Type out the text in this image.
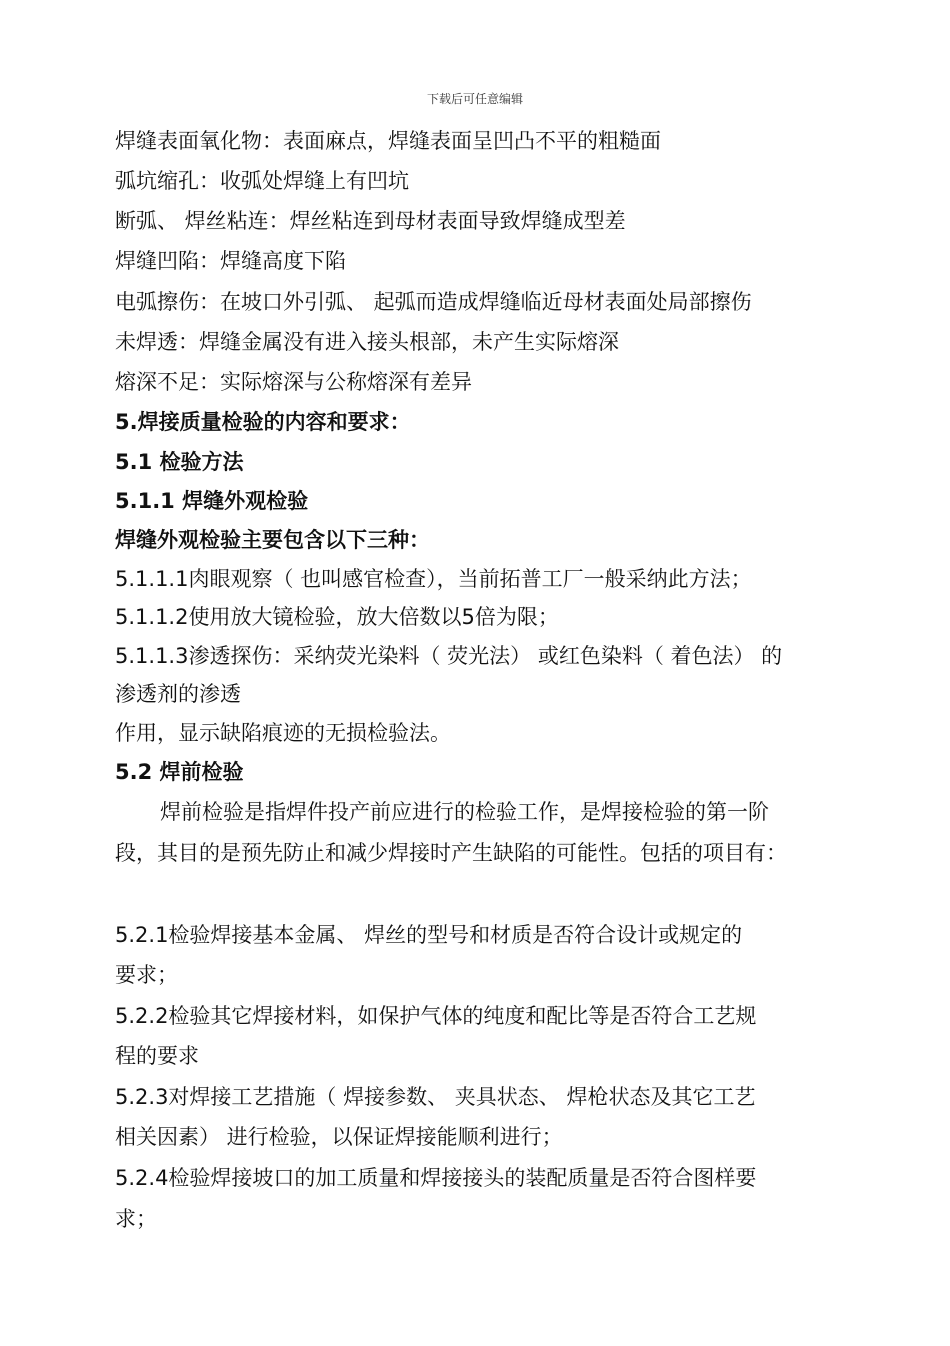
下载后可任意编辑
焊缝表面氧化物：表面麻点，焊缝表面呈凹凸不平的粗糙面
弧坑缩孔：收弧处焊缝上有凹坑
断弧、 焊丝粘连：焊丝粘连到母材表面导致焊缝成型差
焊缝凹陷：焊缝高度下陷
电弧擦伤：在坡口外引弧、 起弧而造成焊缝临近母材表面处局部擦伤
未焊透：焊缝金属没有进入接头根部，未产生实际熔深
熔深不足：实际熔深与公称熔深有差异
5.焊接质量检验的内容和要求：
5.1 检验方法
5.1.1 焊缝外观检验
焊缝外观检验主要包含以下三种：
5.1.1.1肉眼观察（ 也叫感官检查），当前拓普工厂一般采纳此方法；
5.1.1.2使用放大镜检验，放大倍数以5倍为限；
5.1.1.3渗透探伤：采纳荧光染料（ 荧光法） 或红色染料（ 着色法） 的
渗透剂的渗透
作用，显示缺陷痕迹的无损检验法。
5.2 焊前检验
焊前检验是指焊件投产前应进行的检验工作，是焊接检验的第一阶
段，其目的是预先防止和减少焊接时产生缺陷的可能性。包括的项目有：
5.2.1检验焊接基本金属、 焊丝的型号和材质是否符合设计或规定的
要求；
5.2.2检验其它焊接材料，如保护气体的纯度和配比等是否符合工艺规
程的要求
5.2.3对焊接工艺措施（ 焊接参数、 夹具状态、 焊枪状态及其它工艺
相关因素） 进行检验，以保证焊接能顺利进行；
5.2.4检验焊接坡口的加工质量和焊接接头的装配质量是否符合图样要
求；
